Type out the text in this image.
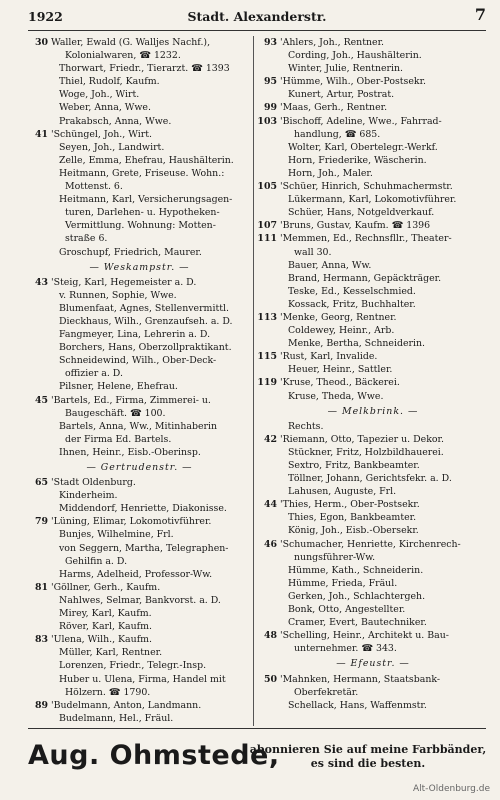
1922	Stadt. Alexanderstr.	7
30 Waller, Ewald (G. Walljes Nachf.),
Kolonialwaren, ☎ 1232.
Thorwart, Friedr., Tierarzt. ☎ 1393
Thiel, Rudolf, Kaufm.
Woge, Joh., Wirt.
Weber, Anna, Wwe.
Prakabsch, Anna, Wwe.
41 'Schüngel, Joh., Wirt.
Seyen, Joh., Landwirt.
Zelle, Emma, Ehefrau, Haushälterin.
Heitmann, Grete, Friseuse. Wohn.:
Mottenst. 6.
Heitmann, Karl, Versicherungsagen-
turen, Darlehen- u. Hypotheken-
Vermittlung. Wohnung: Motten-
straße 6.
Groschupf, Friedrich, Maurer.
— Weskampstr. —
43 'Steig, Karl, Hegemeister a. D.
v. Runnen, Sophie, Wwe.
Blumenfaat, Agnes, Stellenvermittl.
Dieckhaus, Wilh., Grenzaufseh. a. D.
Fangmeyer, Lina, Lehrerin a. D.
Borchers, Hans, Oberzollpraktikant.
Schneidewind, Wilh., Ober-Deck-
offizier a. D.
Pilsner, Helene, Ehefrau.
45 'Bartels, Ed., Firma, Zimmerei- u.
Baugeschäft. ☎ 100.
Bartels, Anna, Ww., Mitinhaberin
der Firma Ed. Bartels.
Ihnen, Heinr., Eisb.-Oberinsp.
— Gertrudenstr. —
65 'Stadt Oldenburg.
Kinderheim.
Middendorf, Henriette, Diakonisse.
79 'Lüning, Elimar, Lokomotivführer.
Bunjes, Wilhelmine, Frl.
von Seggern, Martha, Telegraphen-
Gehilfin a. D.
Harms, Adelheid, Professor-Ww.
81 'Göllner, Gerh., Kaufm.
Nahlwes, Selmar, Bankvorst. a. D.
Mirey, Karl, Kaufm.
Röver, Karl, Kaufm.
83 'Ulena, Wilh., Kaufm.
Müller, Karl, Rentner.
Lorenzen, Friedr., Telegr.-Insp.
Huber u. Ulena, Firma, Handel mit
Hölzern. ☎ 1790.
89 'Budelmann, Anton, Landmann.
Budelmann, Hel., Fräul.
93 'Ahlers, Joh., Rentner.
Cording, Joh., Haushälterin.
Winter, Julie, Rentnerin.
95 'Hümme, Wilh., Ober-Postsekr.
Kunert, Artur, Postrat.
99 'Maas, Gerh., Rentner.
103 'Bischoff, Adeline, Wwe., Fahrrad-
handlung, ☎ 685.
Wolter, Karl, Obertelegr.-Werkf.
Horn, Friederike, Wäscherin.
Horn, Joh., Maler.
105 'Schüer, Hinrich, Schuhmachermstr.
Lükermann, Karl, Lokomotivführer.
Schüer, Hans, Notgeldverkauf.
107 'Bruns, Gustav, Kaufm. ☎ 1396
111 'Memmen, Ed., Rechnsfllr., Theater-
wall 30.
Bauer, Anna, Ww.
Brand, Hermann, Gepäckträger.
Teske, Ed., Kesselschmied.
Kossack, Fritz, Buchhalter.
113 'Menke, Georg, Rentner.
Coldewey, Heinr., Arb.
Menke, Bertha, Schneiderin.
115 'Rust, Karl, Invalide.
Heuer, Heinr., Sattler.
119 'Kruse, Theod., Bäckerei.
Kruse, Theda, Wwe.
— Melkbrink. —
Rechts.
42 'Riemann, Otto, Tapezier u. Dekor.
Stückner, Fritz, Holzbildhauerei.
Sextro, Fritz, Bankbeamter.
Töllner, Johann, Gerichtsfekr. a. D.
Lahusen, Auguste, Frl.
44 'Thies, Herm., Ober-Postsekr.
Thies, Egon, Bankbeamter.
König, Joh., Eisb.-Obersekr.
46 'Schumacher, Henriette, Kirchenrech-
nungsführer-Ww.
Hümme, Kath., Schneiderin.
Hümme, Frieda, Fräul.
Gerken, Joh., Schlachtergeh.
Bonk, Otto, Angestellter.
Cramer, Evert, Bautechniker.
48 'Schelling, Heinr., Architekt u. Bau-
unternehmer. ☎ 343.
— Efeustr. —
50 'Mahnken, Hermann, Staatsbank-
Oberfekretär.
Schellack, Hans, Waffenmstr.
Aug. Ohmstede,
abonnieren Sie auf meine Farbbänder,
es sind die besten.
Alt-Oldenburg.de
